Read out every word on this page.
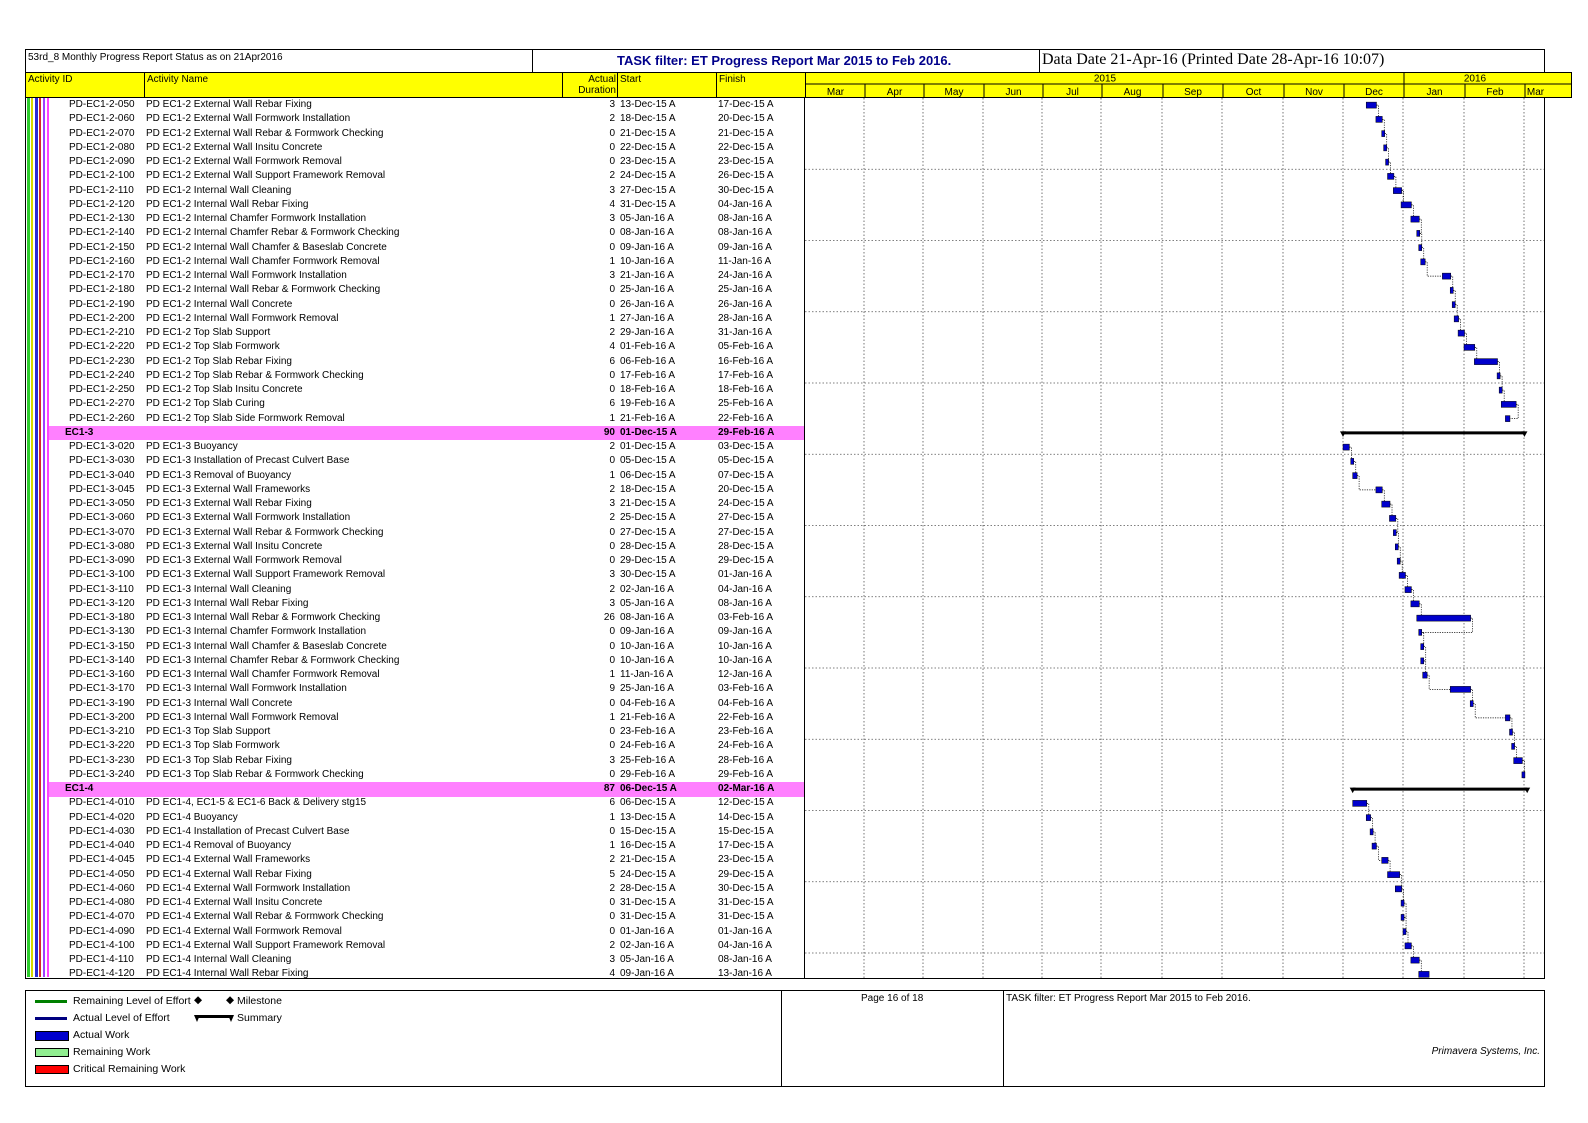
53rd_8 Monthly Progress Report Status as on 21Apr2016	TASK filter: ET Progress Report Mar 2015 to Feb 2016.	Data Date 21-Apr-16 (Printed Date 28-Apr-16 10:07)
Activity ID	Activity Name	Actual
Duration
Start	Finish	2015	2016
Mar	Apr	May	Jun	Jul	Aug	Sep	Oct	Nov	Dec	Jan	Feb Mar
PD-EC1-2-050 PD EC1-2 External Wall Rebar Fixing	3 13-Dec-15 A	17-Dec-15 A
PD-EC1-2-060 PD EC1-2 External Wall Formwork Installation	2 18-Dec-15 A	20-Dec-15 A
PD-EC1-2-070 PD EC1-2 External Wall Rebar & Formwork Checking	0 21-Dec-15 A	21-Dec-15 A
PD-EC1-2-080 PD EC1-2 External Wall Insitu Concrete	0 22-Dec-15 A	22-Dec-15 A
PD-EC1-2-090 PD EC1-2 External Wall Formwork Removal	0 23-Dec-15 A	23-Dec-15 A
PD-EC1-2-100 PD EC1-2 External Wall Support Framework Removal	2 24-Dec-15 A	26-Dec-15 A
PD-EC1-2-110 PD EC1-2 Internal Wall Cleaning	3 27-Dec-15 A	30-Dec-15 A
PD-EC1-2-120 PD EC1-2 Internal Wall Rebar Fixing	4 31-Dec-15 A	04-Jan-16 A
PD-EC1-2-130 PD EC1-2 Internal Chamfer Formwork Installation	3 05-Jan-16 A	08-Jan-16 A
PD-EC1-2-140 PD EC1-2 Internal Chamfer Rebar & Formwork Checking	0 08-Jan-16 A	08-Jan-16 A
PD-EC1-2-150 PD EC1-2 Internal Wall Chamfer & Baseslab Concrete	0 09-Jan-16 A	09-Jan-16 A
PD-EC1-2-160 PD EC1-2 Internal Wall Chamfer Formwork Removal	1 10-Jan-16 A	11-Jan-16 A
PD-EC1-2-170 PD EC1-2 Internal Wall Formwork Installation	3 21-Jan-16 A	24-Jan-16 A
PD-EC1-2-180 PD EC1-2 Internal Wall Rebar & Formwork Checking	0 25-Jan-16 A	25-Jan-16 A
PD-EC1-2-190 PD EC1-2 Internal Wall Concrete	0 26-Jan-16 A	26-Jan-16 A
PD-EC1-2-200 PD EC1-2 Internal Wall Formwork Removal	1 27-Jan-16 A	28-Jan-16 A
PD-EC1-2-210 PD EC1-2 Top Slab Support	2 29-Jan-16 A	31-Jan-16 A
PD-EC1-2-220 PD EC1-2 Top Slab Formwork	4 01-Feb-16 A	05-Feb-16 A
PD-EC1-2-230 PD EC1-2 Top Slab Rebar Fixing	6 06-Feb-16 A	16-Feb-16 A
PD-EC1-2-240 PD EC1-2 Top Slab Rebar & Formwork Checking	0 17-Feb-16 A	17-Feb-16 A
PD-EC1-2-250 PD EC1-2 Top Slab Insitu Concrete	0 18-Feb-16 A	18-Feb-16 A
PD-EC1-2-270 PD EC1-2 Top Slab Curing	6 19-Feb-16 A	25-Feb-16 A
PD-EC1-2-260 PD EC1-2 Top Slab Side Formwork Removal	1 21-Feb-16 A	22-Feb-16 A
EC1-3	90 01-Dec-15 A	29-Feb-16 A
PD-EC1-3-020 PD EC1-3 Buoyancy	2 01-Dec-15 A	03-Dec-15 A
PD-EC1-3-030 PD EC1-3 Installation of Precast Culvert Base	0 05-Dec-15 A	05-Dec-15 A
PD-EC1-3-040 PD EC1-3 Removal of Buoyancy	1 06-Dec-15 A	07-Dec-15 A
PD-EC1-3-045 PD EC1-3 External Wall Frameworks	2 18-Dec-15 A	20-Dec-15 A
PD-EC1-3-050 PD EC1-3 External Wall Rebar Fixing	3 21-Dec-15 A	24-Dec-15 A
PD-EC1-3-060 PD EC1-3 External Wall Formwork Installation	2 25-Dec-15 A	27-Dec-15 A
PD-EC1-3-070 PD EC1-3 External Wall Rebar & Formwork Checking	0 27-Dec-15 A	27-Dec-15 A
PD-EC1-3-080 PD EC1-3 External Wall Insitu Concrete	0 28-Dec-15 A	28-Dec-15 A
PD-EC1-3-090 PD EC1-3 External Wall Formwork Removal	0 29-Dec-15 A	29-Dec-15 A
PD-EC1-3-100 PD EC1-3 External Wall Support Framework Removal	3 30-Dec-15 A	01-Jan-16 A
PD-EC1-3-110 PD EC1-3 Internal Wall Cleaning	2 02-Jan-16 A	04-Jan-16 A
PD-EC1-3-120 PD EC1-3 Internal Wall Rebar Fixing	3 05-Jan-16 A	08-Jan-16 A
PD-EC1-3-180 PD EC1-3 Internal Wall Rebar & Formwork Checking	26 08-Jan-16 A	03-Feb-16 A
PD-EC1-3-130 PD EC1-3 Internal Chamfer Formwork Installation	0 09-Jan-16 A	09-Jan-16 A
PD-EC1-3-150 PD EC1-3 Internal Wall Chamfer & Baseslab Concrete	0 10-Jan-16 A	10-Jan-16 A
PD-EC1-3-140 PD EC1-3 Internal Chamfer Rebar & Formwork Checking	0 10-Jan-16 A	10-Jan-16 A
PD-EC1-3-160 PD EC1-3 Internal Wall Chamfer Formwork Removal	1 11-Jan-16 A	12-Jan-16 A
PD-EC1-3-170 PD EC1-3 Internal Wall Formwork Installation	9 25-Jan-16 A	03-Feb-16 A
PD-EC1-3-190 PD EC1-3 Internal Wall Concrete	0 04-Feb-16 A	04-Feb-16 A
PD-EC1-3-200 PD EC1-3 Internal Wall Formwork Removal	1 21-Feb-16 A	22-Feb-16 A
PD-EC1-3-210 PD EC1-3 Top Slab Support	0 23-Feb-16 A	23-Feb-16 A
PD-EC1-3-220 PD EC1-3 Top Slab Formwork	0 24-Feb-16 A	24-Feb-16 A
PD-EC1-3-230 PD EC1-3 Top Slab Rebar Fixing	3 25-Feb-16 A	28-Feb-16 A
PD-EC1-3-240 PD EC1-3 Top Slab Rebar & Formwork Checking	0 29-Feb-16 A	29-Feb-16 A
EC1-4	87 06-Dec-15 A	02-Mar-16 A
PD-EC1-4-010 PD EC1-4, EC1-5 & EC1-6 Back & Delivery stg15	6 06-Dec-15 A	12-Dec-15 A
PD-EC1-4-020 PD EC1-4 Buoyancy	1 13-Dec-15 A	14-Dec-15 A
PD-EC1-4-030 PD EC1-4 Installation of Precast Culvert Base	0 15-Dec-15 A	15-Dec-15 A
PD-EC1-4-040 PD EC1-4 Removal of Buoyancy	1 16-Dec-15 A	17-Dec-15 A
PD-EC1-4-045 PD EC1-4 External Wall Frameworks	2 21-Dec-15 A	23-Dec-15 A
PD-EC1-4-050 PD EC1-4 External Wall Rebar Fixing	5 24-Dec-15 A	29-Dec-15 A
PD-EC1-4-060 PD EC1-4 External Wall Formwork Installation	2 28-Dec-15 A	30-Dec-15 A
PD-EC1-4-080 PD EC1-4 External Wall Insitu Concrete	0 31-Dec-15 A	31-Dec-15 A
PD-EC1-4-070 PD EC1-4 External Wall Rebar & Formwork Checking	0 31-Dec-15 A	31-Dec-15 A
PD-EC1-4-090 PD EC1-4 External Wall Formwork Removal	0 01-Jan-16 A	01-Jan-16 A
PD-EC1-4-100 PD EC1-4 External Wall Support Framework Removal	2 02-Jan-16 A	04-Jan-16 A
PD-EC1-4-110 PD EC1-4 Internal Wall Cleaning	3 05-Jan-16 A	08-Jan-16 A
PD-EC1-4-120 PD EC1-4 Internal Wall Rebar Fixing	4 09-Jan-16 A	13-Jan-16 A
Remaining Level of Effort ◆ ◆ Milestone
Actual Level of Effort	Summary
Actual Work
Remaining Work
Critical Remaining Work
Page 16 of 18	TASK filter: ET Progress Report Mar 2015 to Feb 2016.
Primavera Systems, Inc.
